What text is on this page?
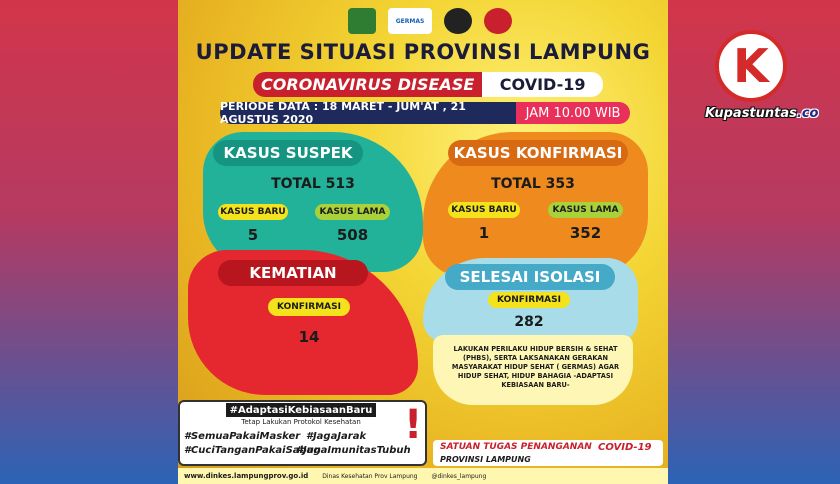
GERMAS
UPDATE SITUASI PROVINSI LAMPUNG
CORONAVIRUS DISEASE	COVID-19
PERIODE DATA : 18 MARET - JUM'AT , 21 AGUSTUS 2020	JAM 10.00 WIB
KASUS SUSPEK
TOTAL 513
KASUS BARU	KASUS LAMA
5	508
KASUS KONFIRMASI
TOTAL 353
KASUS BARU	KASUS LAMA
1	352
KEMATIAN
KONFIRMASI
14
SELESAI ISOLASI
KONFIRMASI
282
LAKUKAN PERILAKU HIDUP BERSIH & SEHAT (PHBS), SERTA LAKSANAKAN GERAKAN MASYARAKAT HIDUP SEHAT ( GERMAS) AGAR HIDUP SEHAT, HIDUP BAHAGIA -ADAPTASI KEBIASAAN BARU-
#AdaptasiKebiasaanBaru
Tetap Lakukan Protokol Kesehatan
#SemuaPakaiMasker #JagaJarak
#CuciTanganPakaiSabun
#JagaImunitasTubuh
! SATUAN TUGAS PENANGANAN COVID-19
PROVINSI LAMPUNG
www.dinkes.lampungprov.go.id Dinas Kesehatan Prov Lampung @dinkes_lampung
K
Kupastuntas.co
